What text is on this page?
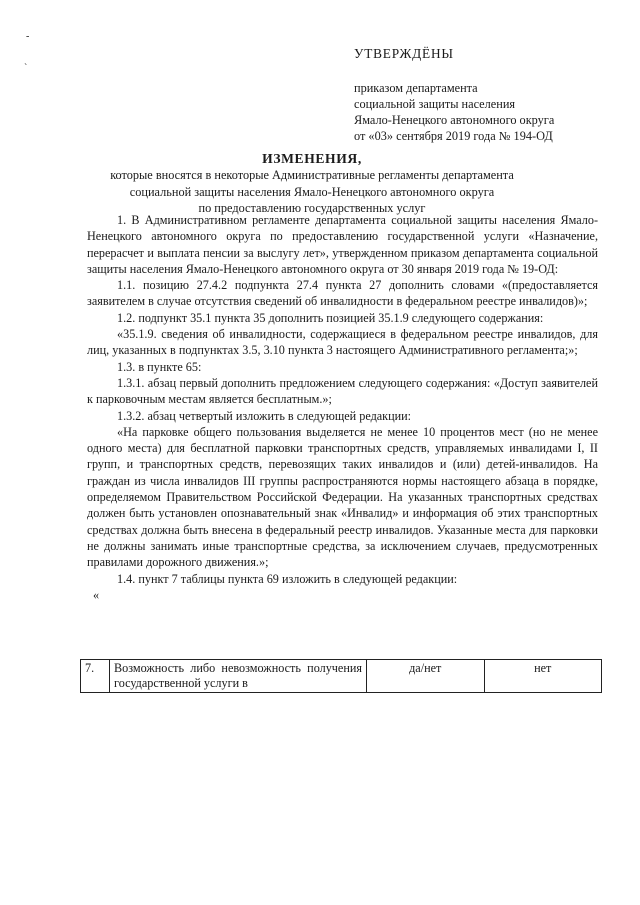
-
`
УТВЕРЖДЁНЫ
приказом департамента
социальной защиты населения
Ямало-Ненецкого автономного округа
от «03» сентября 2019 года № 194-ОД
ИЗМЕНЕНИЯ,
которые вносятся в некоторые Административные регламенты департамента
социальной защиты населения Ямало-Ненецкого автономного округа
по предоставлению государственных услуг

1. В Административном регламенте департамента социальной защиты населения Ямало-Ненецкого автономного округа по предоставлению государственной услуги «Назначение, перерасчет и выплата пенсии за выслугу лет», утвержденном приказом департамента социальной защиты населения Ямало-Ненецкого автономного округа от 30 января 2019 года № 19-ОД:

1.1. позицию 27.4.2 подпункта 27.4 пункта 27 дополнить словами «(предоставляется заявителем в случае отсутствия сведений об инвалидности в федеральном реестре инвалидов)»;

1.2. подпункт 35.1 пункта 35 дополнить позицией 35.1.9 следующего содержания:

«35.1.9. сведения об инвалидности, содержащиеся в федеральном реестре инвалидов, для лиц, указанных в подпунктах 3.5, 3.10 пункта 3 настоящего Административного регламента;»;

1.3. в пункте 65:

1.3.1. абзац первый дополнить предложением следующего содержания: «Доступ заявителей к парковочным местам является бесплатным.»;

1.3.2. абзац четвертый изложить в следующей редакции:

«На парковке общего пользования выделяется не менее 10 процентов мест (но не менее одного места) для бесплатной парковки транспортных средств, управляемых инвалидами I, II групп, и транспортных средств, перевозящих таких инвалидов и (или) детей-инвалидов. На граждан из числа инвалидов III группы распространяются нормы настоящего абзаца в порядке, определяемом Правительством Российской Федерации. На указанных транспортных средствах должен быть установлен опознавательный знак «Инвалид» и информация об этих транспортных средствах должна быть внесена в федеральный реестр инвалидов. Указанные места для парковки не должны занимать иные транспортные средства, за исключением случаев, предусмотренных правилами дорожного движения.»;

1.4. пункт 7 таблицы пункта 69 изложить в следующей редакции:

«

7.	Возможность либо невозможность получения государственной услуги в	да/нет	нет
